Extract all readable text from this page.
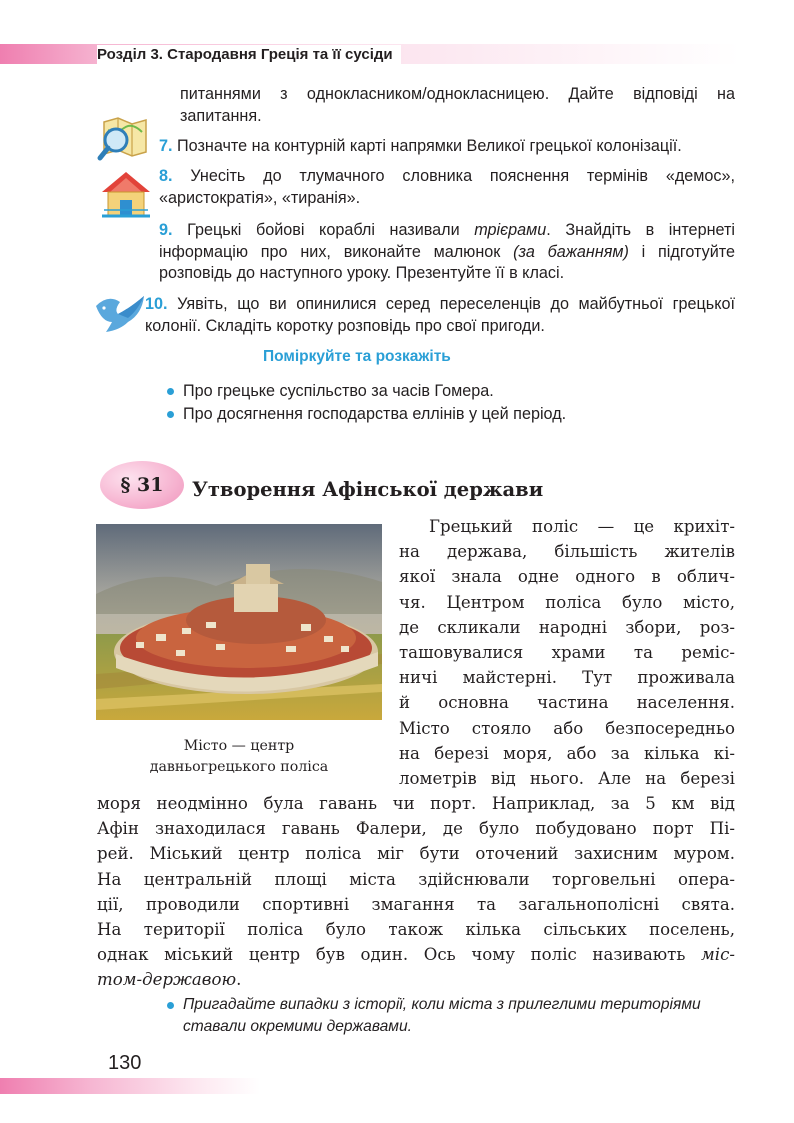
Розділ 3. Стародавня Греція та її сусіди
питаннями з однокласником/однокласницею. Дайте відповіді на запитання.
7. Позначте на контурній карті напрямки Великої грецької колонізації.
8. Унесіть до тлумачного словника пояснення термінів «демос», «аристократія», «тиранія».
9. Грецькі бойові кораблі називали трієрами. Знайдіть в інтернеті інформацію про них, виконайте малюнок (за бажанням) і підготуйте розповідь до наступного уроку. Презентуйте її в класі.
10. Уявіть, що ви опинилися серед переселенців до майбутньої грецької колонії. Складіть коротку розповідь про свої пригоди.
Поміркуйте та розкажіть
Про грецьке суспільство за часів Гомера.
Про досягнення господарства еллінів у цей період.
§ 31	Утворення Афінської держави
Місто — центр
давньогрецького поліса
Грецький поліс — це крихіт-
на держава, більшість жителів
якої знала одне одного в облич-
чя. Центром поліса було місто,
де скликали народні збори, роз-
ташовувалися храми та реміс-
ничі майстерні. Тут проживала
й основна частина населення.
Місто стояло або безпосередньо
на березі моря, або за кілька кі-
лометрів від нього. Але на березі
моря неодмінно була гавань чи порт. Наприклад, за 5 км від
Афін знаходилася гавань Фалери, де було побудовано порт Пі-
рей. Міський центр поліса міг бути оточений захисним муром.
На центральній площі міста здійснювали торговельні опера-
ції, проводили спортивні змагання та загальнополісні свята.
На території поліса було також кілька сільських поселень,
однак міський центр був один. Ось чому поліс називають міс-
том-державою.
Пригадайте випадки з історії, коли міста з прилеглими територіями ставали окремими державами.
130
